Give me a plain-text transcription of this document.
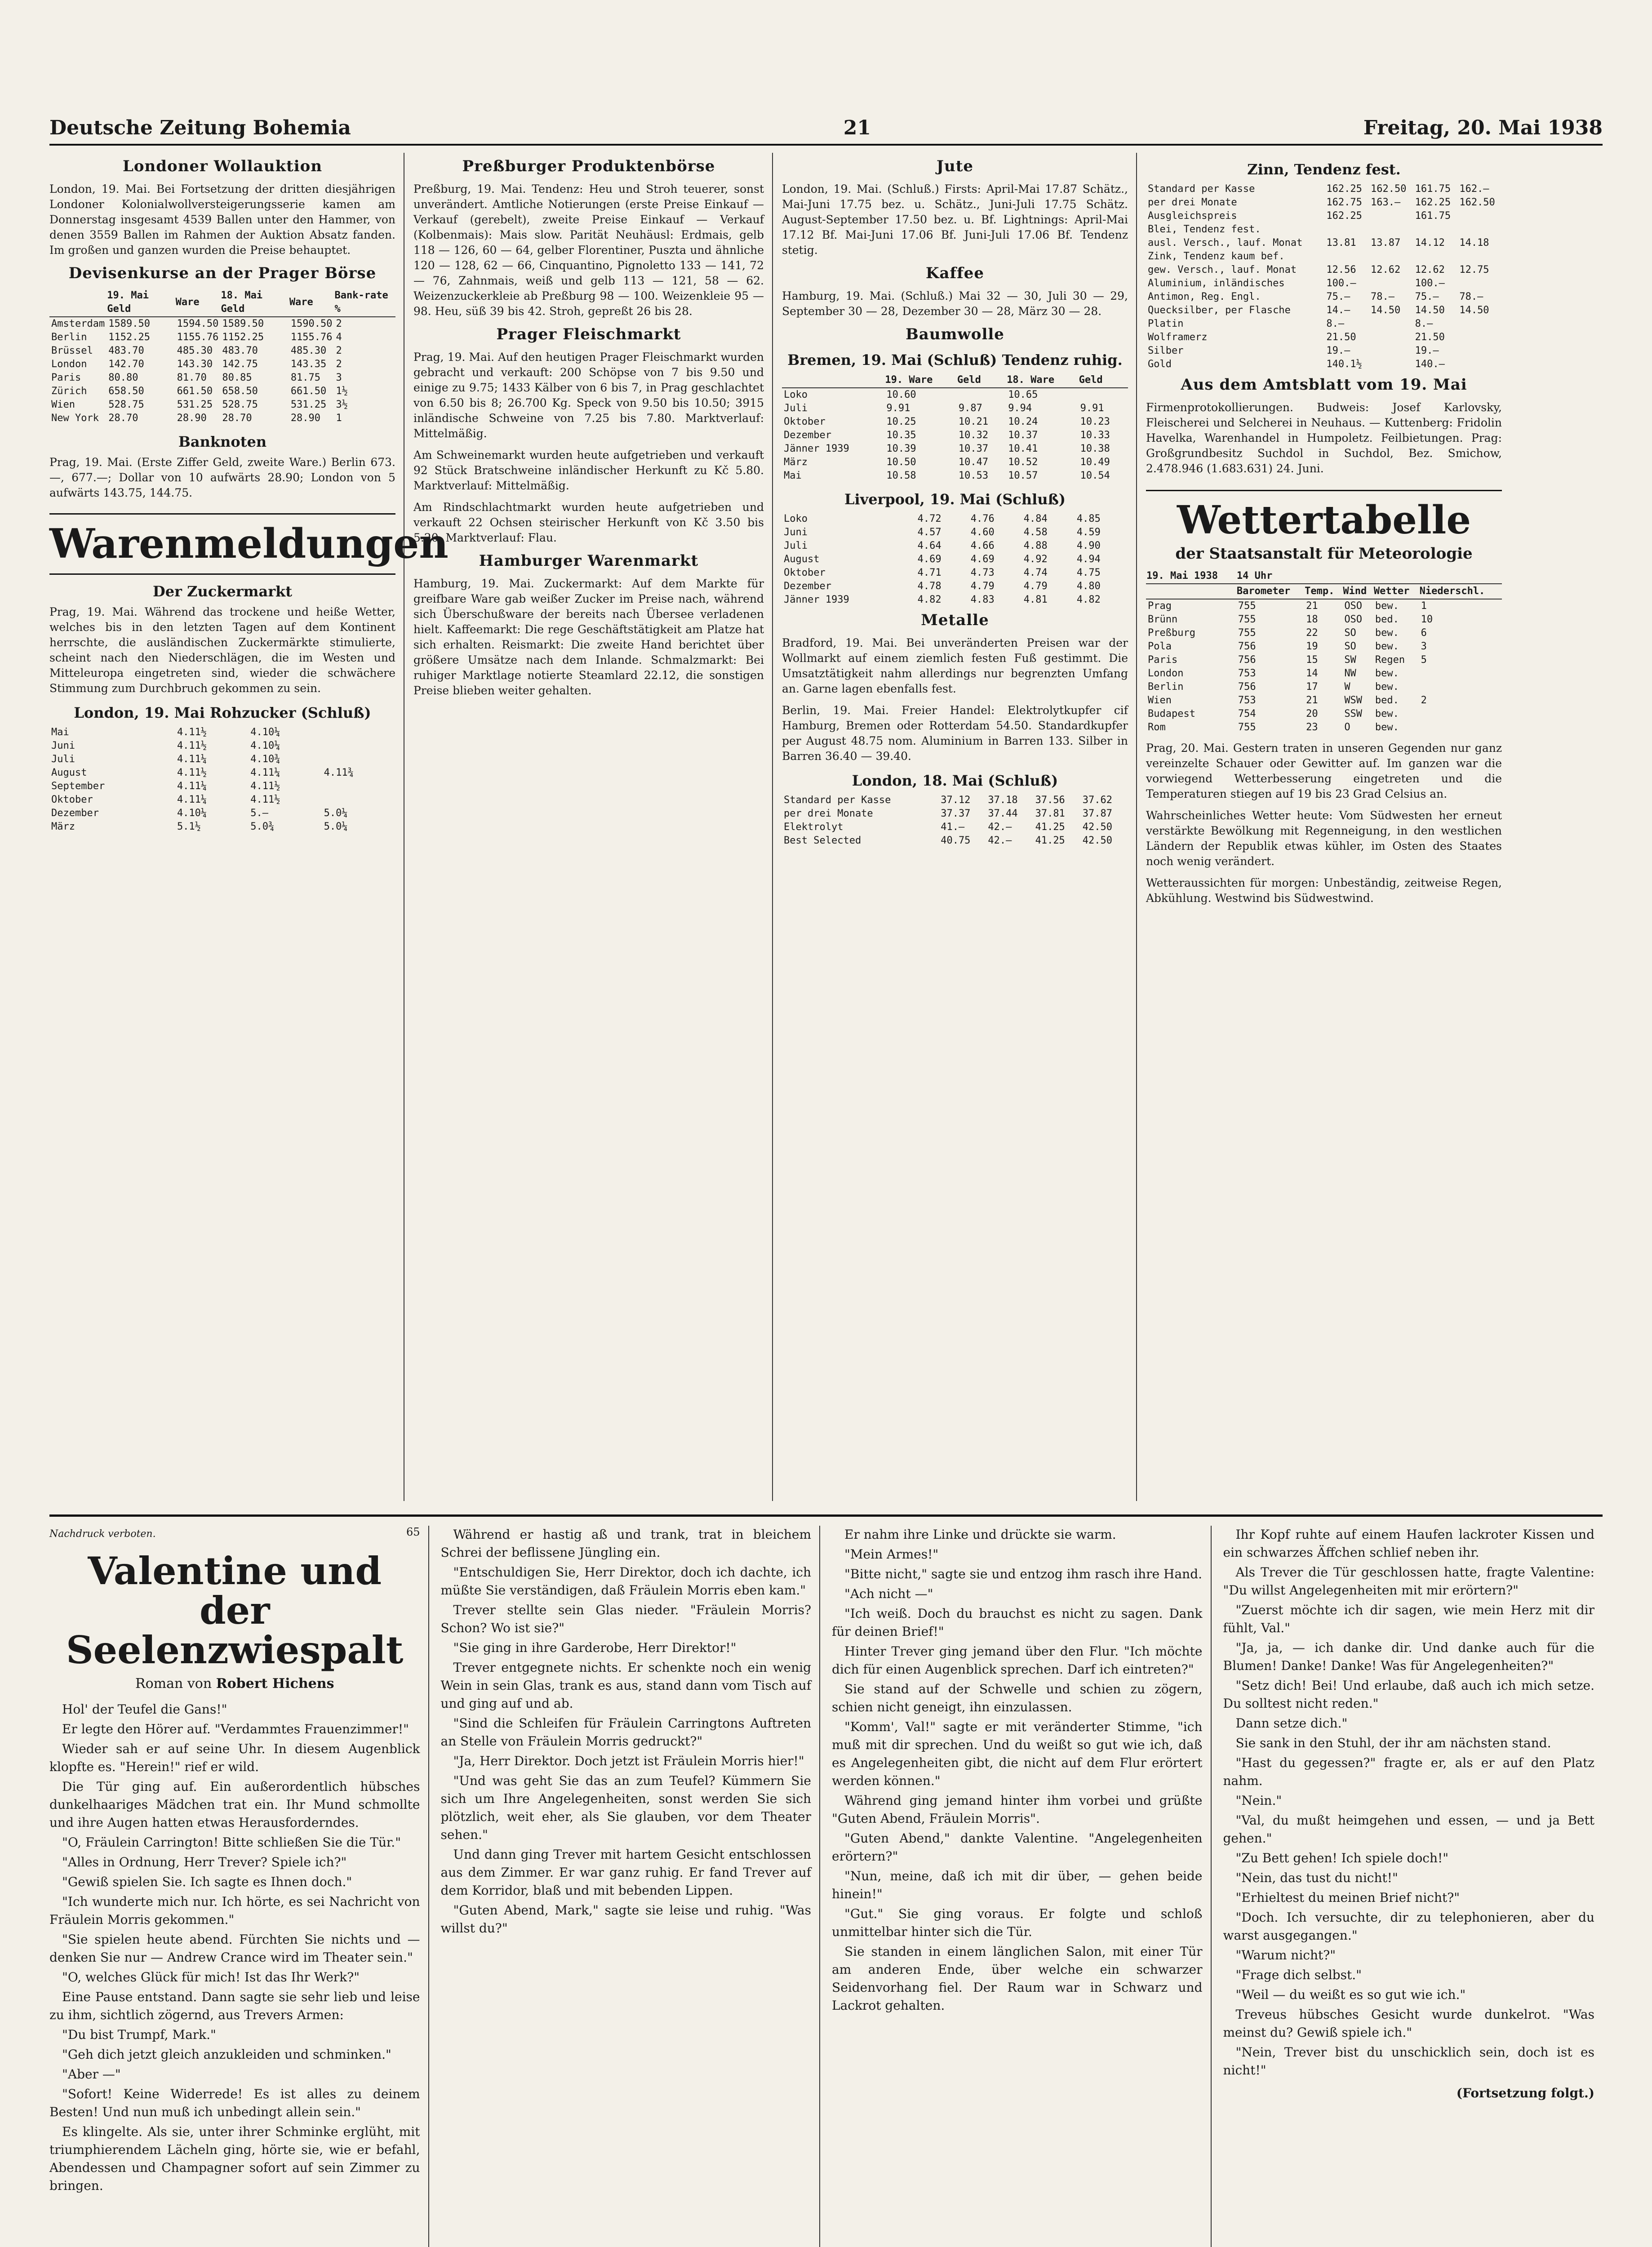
Deutsche Zeitung Bohemia	21	Freitag, 20. Mai 1938
Londoner Wollauktion

London, 19. Mai. Bei Fortsetzung der dritten diesjährigen Londoner Kolonialwollversteigerungsserie kamen am Donnerstag insgesamt 4539 Ballen unter den Hammer, von denen 3559 Ballen im Rahmen der Auktion Absatz fanden. Im großen und ganzen wurden die Preise behauptet.

Devisenkurse an der Prager Börse
	19. Mai Geld	Ware	18. Mai Geld	Ware	Bank-rate %
Amsterdam	1589.50	1594.50	1589.50	1590.50	2
Berlin	1152.25	1155.76	1152.25	1155.76	4
Brüssel	483.70	485.30	483.70	485.30	2
London	142.70	143.30	142.75	143.35	2
Paris	80.80	81.70	80.85	81.75	3
Zürich	658.50	661.50	658.50	661.50	1½
Wien	528.75	531.25	528.75	531.25	3½
New York	28.70	28.90	28.70	28.90	1
Banknoten

Prag, 19. Mai. (Erste Ziffer Geld, zweite Ware.) Berlin 673.—, 677.—; Dollar von 10 aufwärts 28.90; London von 5 aufwärts 143.75, 144.75.

Warenmeldungen
Der Zuckermarkt

Prag, 19. Mai. Während das trockene und heiße Wetter, welches bis in den letzten Tagen auf dem Kontinent herrschte, die ausländischen Zuckermärkte stimulierte, scheint nach den Niederschlägen, die im Westen und Mitteleuropa eingetreten sind, wieder die schwächere Stimmung zum Durchbruch gekommen zu sein.

London, 19. Mai Rohzucker (Schluß)
Mai	4.11½	4.10¼	
Juni	4.11½	4.10¼	
Juli	4.11¼	4.10¾	
August	4.11½	4.11¼	4.11¾
September	4.11¼	4.11½	
Oktober	4.11¼	4.11½	
Dezember	4.10¼	5.—	5.0¼
März	5.1½	5.0¾	5.0¼
Preßburger Produktenbörse

Preßburg, 19. Mai. Tendenz: Heu und Stroh teuerer, sonst unverändert. Amtliche Notierungen (erste Preise Einkauf — Verkauf (gerebelt), zweite Preise Einkauf — Verkauf (Kolbenmais): Mais slow. Parität Neuhäusl: Erdmais, gelb 118 — 126, 60 — 64, gelber Florentiner, Puszta und ähnliche 120 — 128, 62 — 66, Cinquantino, Pignoletto 133 — 141, 72 — 76, Zahnmais, weiß und gelb 113 — 121, 58 — 62. Weizenzuckerkleie ab Preßburg 98 — 100. Weizenkleie 95 — 98. Heu, süß 39 bis 42. Stroh, gepreßt 26 bis 28.

Prager Fleischmarkt

Prag, 19. Mai. Auf den heutigen Prager Fleischmarkt wurden gebracht und verkauft: 200 Schöpse von 7 bis 9.50 und einige zu 9.75; 1433 Kälber von 6 bis 7, in Prag geschlachtet von 6.50 bis 8; 26.700 Kg. Speck von 9.50 bis 10.50; 3915 inländische Schweine von 7.25 bis 7.80. Marktverlauf: Mittelmäßig.

Am Schweinemarkt wurden heute aufgetrieben und verkauft 92 Stück Bratschweine inländischer Herkunft zu Kč 5.80. Marktverlauf: Mittelmäßig.

Am Rindschlachtmarkt wurden heute aufgetrieben und verkauft 22 Ochsen steirischer Herkunft von Kč 3.50 bis 5.20. Marktverlauf: Flau.

Hamburger Warenmarkt

Hamburg, 19. Mai. Zuckermarkt: Auf dem Markte für greifbare Ware gab weißer Zucker im Preise nach, während sich Überschußware der bereits nach Übersee verladenen hielt. Kaffeemarkt: Die rege Geschäftstätigkeit am Platze hat sich erhalten. Reismarkt: Die zweite Hand berichtet über größere Umsätze nach dem Inlande. Schmalzmarkt: Bei ruhiger Marktlage notierte Steamlard 22.12, die sonstigen Preise blieben weiter gehalten.

Jute

London, 19. Mai. (Schluß.) Firsts: April-Mai 17.87 Schätz., Mai-Juni 17.75 bez. u. Schätz., Juni-Juli 17.75 Schätz. August-September 17.50 bez. u. Bf. Lightnings: April-Mai 17.12 Bf. Mai-Juni 17.06 Bf. Juni-Juli 17.06 Bf. Tendenz stetig.

Kaffee

Hamburg, 19. Mai. (Schluß.) Mai 32 — 30, Juli 30 — 29, September 30 — 28, Dezember 30 — 28, März 30 — 28.

Baumwolle
Bremen, 19. Mai (Schluß) Tendenz ruhig.
	19. Ware	Geld	18. Ware	Geld
Loko	10.60		10.65	
Juli	9.91	9.87	9.94	9.91
Oktober	10.25	10.21	10.24	10.23
Dezember	10.35	10.32	10.37	10.33
Jänner 1939	10.39	10.37	10.41	10.38
März	10.50	10.47	10.52	10.49
Mai	10.58	10.53	10.57	10.54
Liverpool, 19. Mai (Schluß)
Loko	4.72	4.76	4.84	4.85
Juni	4.57	4.60	4.58	4.59
Juli	4.64	4.66	4.88	4.90
August	4.69	4.69	4.92	4.94
Oktober	4.71	4.73	4.74	4.75
Dezember	4.78	4.79	4.79	4.80
Jänner 1939	4.82	4.83	4.81	4.82
Metalle

Bradford, 19. Mai. Bei unveränderten Preisen war der Wollmarkt auf einem ziemlich festen Fuß gestimmt. Die Umsatztätigkeit nahm allerdings nur begrenzten Umfang an. Garne lagen ebenfalls fest.

Berlin, 19. Mai. Freier Handel: Elektrolytkupfer cif Hamburg, Bremen oder Rotterdam 54.50. Standardkupfer per August 48.75 nom. Aluminium in Barren 133. Silber in Barren 36.40 — 39.40.

London, 18. Mai (Schluß)
Standard per Kasse	37.12	37.18	37.56	37.62
per drei Monate	37.37	37.44	37.81	37.87
Elektrolyt	41.—	42.—	41.25	42.50
Best Selected	40.75	42.—	41.25	42.50
Zinn, Tendenz fest.
Standard per Kasse	162.25	162.50	161.75	162.—
per drei Monate	162.75	163.—	162.25	162.50
Ausgleichspreis	162.25		161.75	
Blei, Tendenz fest.				
ausl. Versch., lauf. Monat	13.81	13.87	14.12	14.18
Zink, Tendenz kaum bef.				
gew. Versch., lauf. Monat	12.56	12.62	12.62	12.75
Aluminium, inländisches	100.—		100.—	
Antimon, Reg. Engl.	75.—	78.—	75.—	78.—
Quecksilber, per Flasche	14.—	14.50	14.50	14.50
Platin	8.—		8.—	
Wolframerz	21.50		21.50	
Silber	19.—		19.—	
Gold	140.1½		140.—	
Aus dem Amtsblatt vom 19. Mai

Firmenprotokollierungen. Budweis: Josef Karlovsky, Fleischerei und Selcherei in Neuhaus. — Kuttenberg: Fridolin Havelka, Warenhandel in Humpoletz. Feilbietungen. Prag: Großgrundbesitz Suchdol in Suchdol, Bez. Smichow, 2.478.946 (1.683.631) 24. Juni.

Wettertabelle
der Staatsanstalt für Meteorologie
19. Mai 1938	14 Uhr				
	Barometer	Temp.	Wind	Wetter	Niederschl.
Prag	755	21	OSO	bew.	1
Brünn	755	18	OSO	bed.	10
Preßburg	755	22	SO	bew.	6
Pola	756	19	SO	bew.	3
Paris	756	15	SW	Regen	5
London	753	14	NW	bew.	
Berlin	756	17	W	bew.	
Wien	753	21	WSW	bed.	2
Budapest	754	20	SSW	bew.	
Rom	755	23	O	bew.	

Prag, 20. Mai. Gestern traten in unseren Gegenden nur ganz vereinzelte Schauer oder Gewitter auf. Im ganzen war die vorwiegend Wetterbesserung eingetreten und die Temperaturen stiegen auf 19 bis 23 Grad Celsius an.

Wahrscheinliches Wetter heute: Vom Südwesten her erneut verstärkte Bewölkung mit Regenneigung, in den westlichen Ländern der Republik etwas kühler, im Osten des Staates noch wenig verändert.

Wetteraussichten für morgen: Unbeständig, zeitweise Regen, Abkühlung. Westwind bis Südwestwind.

Nachdruck verboten.	65
Valentine und der Seelenzwiespalt
Roman von Robert Hichens

Hol' der Teufel die Gans!"

Er legte den Hörer auf. "Verdammtes Frauenzimmer!"

Wieder sah er auf seine Uhr. In diesem Augenblick klopfte es. "Herein!" rief er wild.

Die Tür ging auf. Ein außerordentlich hübsches dunkelhaariges Mädchen trat ein. Ihr Mund schmollte und ihre Augen hatten etwas Herausforderndes.

"O, Fräulein Carrington! Bitte schließen Sie die Tür."

"Alles in Ordnung, Herr Trever? Spiele ich?"

"Gewiß spielen Sie. Ich sagte es Ihnen doch."

"Ich wunderte mich nur. Ich hörte, es sei Nachricht von Fräulein Morris gekommen."

"Sie spielen heute abend. Fürchten Sie nichts und — denken Sie nur — Andrew Crance wird im Theater sein."

"O, welches Glück für mich! Ist das Ihr Werk?"

Eine Pause entstand. Dann sagte sie sehr lieb und leise zu ihm, sichtlich zögernd, aus Trevers Armen:

"Du bist Trumpf, Mark."

"Geh dich jetzt gleich anzukleiden und schminken."

"Aber —"

"Sofort! Keine Widerrede! Es ist alles zu deinem Besten! Und nun muß ich unbedingt allein sein."

Es klingelte. Als sie, unter ihrer Schminke erglüht, mit triumphierendem Lächeln ging, hörte sie, wie er befahl, Abendessen und Champagner sofort auf sein Zimmer zu bringen.

Während er hastig aß und trank, trat in bleichem Schrei der beflissene Jüngling ein.

"Entschuldigen Sie, Herr Direktor, doch ich dachte, ich müßte Sie verständigen, daß Fräulein Morris eben kam."

Trever stellte sein Glas nieder. "Fräulein Morris? Schon? Wo ist sie?"

"Sie ging in ihre Garderobe, Herr Direktor!"

Trever entgegnete nichts. Er schenkte noch ein wenig Wein in sein Glas, trank es aus, stand dann vom Tisch auf und ging auf und ab.

"Sind die Schleifen für Fräulein Carringtons Auftreten an Stelle von Fräulein Morris gedruckt?"

"Ja, Herr Direktor. Doch jetzt ist Fräulein Morris hier!"

"Und was geht Sie das an zum Teufel? Kümmern Sie sich um Ihre Angelegenheiten, sonst werden Sie sich plötzlich, weit eher, als Sie glauben, vor dem Theater sehen."

Und dann ging Trever mit hartem Gesicht entschlossen aus dem Zimmer. Er war ganz ruhig. Er fand Trever auf dem Korridor, blaß und mit bebenden Lippen.

"Guten Abend, Mark," sagte sie leise und ruhig. "Was willst du?"

Er nahm ihre Linke und drückte sie warm.

"Mein Armes!"

"Bitte nicht," sagte sie und entzog ihm rasch ihre Hand.

"Ach nicht —"

"Ich weiß. Doch du brauchst es nicht zu sagen. Dank für deinen Brief!"

Hinter Trever ging jemand über den Flur. "Ich möchte dich für einen Augenblick sprechen. Darf ich eintreten?"

Sie stand auf der Schwelle und schien zu zögern, schien nicht geneigt, ihn einzulassen.

"Komm', Val!" sagte er mit veränderter Stimme, "ich muß mit dir sprechen. Und du weißt so gut wie ich, daß es Angelegenheiten gibt, die nicht auf dem Flur erörtert werden können."

Während ging jemand hinter ihm vorbei und grüßte "Guten Abend, Fräulein Morris".

"Guten Abend," dankte Valentine. "Angelegenheiten erörtern?"

"Nun, meine, daß ich mit dir über, — gehen beide hinein!"

"Gut." Sie ging voraus. Er folgte und schloß unmittelbar hinter sich die Tür.

Sie standen in einem länglichen Salon, mit einer Tür am anderen Ende, über welche ein schwarzer Seidenvorhang fiel. Der Raum war in Schwarz und Lackrot gehalten.

Ihr Kopf ruhte auf einem Haufen lackroter Kissen und ein schwarzes Äffchen schlief neben ihr.

Als Trever die Tür geschlossen hatte, fragte Valentine: "Du willst Angelegenheiten mit mir erörtern?"

"Zuerst möchte ich dir sagen, wie mein Herz mit dir fühlt, Val."

"Ja, ja, — ich danke dir. Und danke auch für die Blumen! Danke! Danke! Was für Angelegenheiten?"

"Setz dich! Bei! Und erlaube, daß auch ich mich setze. Du solltest nicht reden."

Dann setze dich."

Sie sank in den Stuhl, der ihr am nächsten stand.

"Hast du gegessen?" fragte er, als er auf den Platz nahm.

"Nein."

"Val, du mußt heimgehen und essen, — und ja Bett gehen."

"Zu Bett gehen! Ich spiele doch!"

"Nein, das tust du nicht!"

"Erhieltest du meinen Brief nicht?"

"Doch. Ich versuchte, dir zu telephonieren, aber du warst ausgegangen."

"Warum nicht?"

"Frage dich selbst."

"Weil — du weißt es so gut wie ich."

Treveus hübsches Gesicht wurde dunkelrot. "Was meinst du? Gewiß spiele ich."

"Nein, Trever bist du unschicklich sein, doch ist es nicht!"

(Fortsetzung folgt.)
